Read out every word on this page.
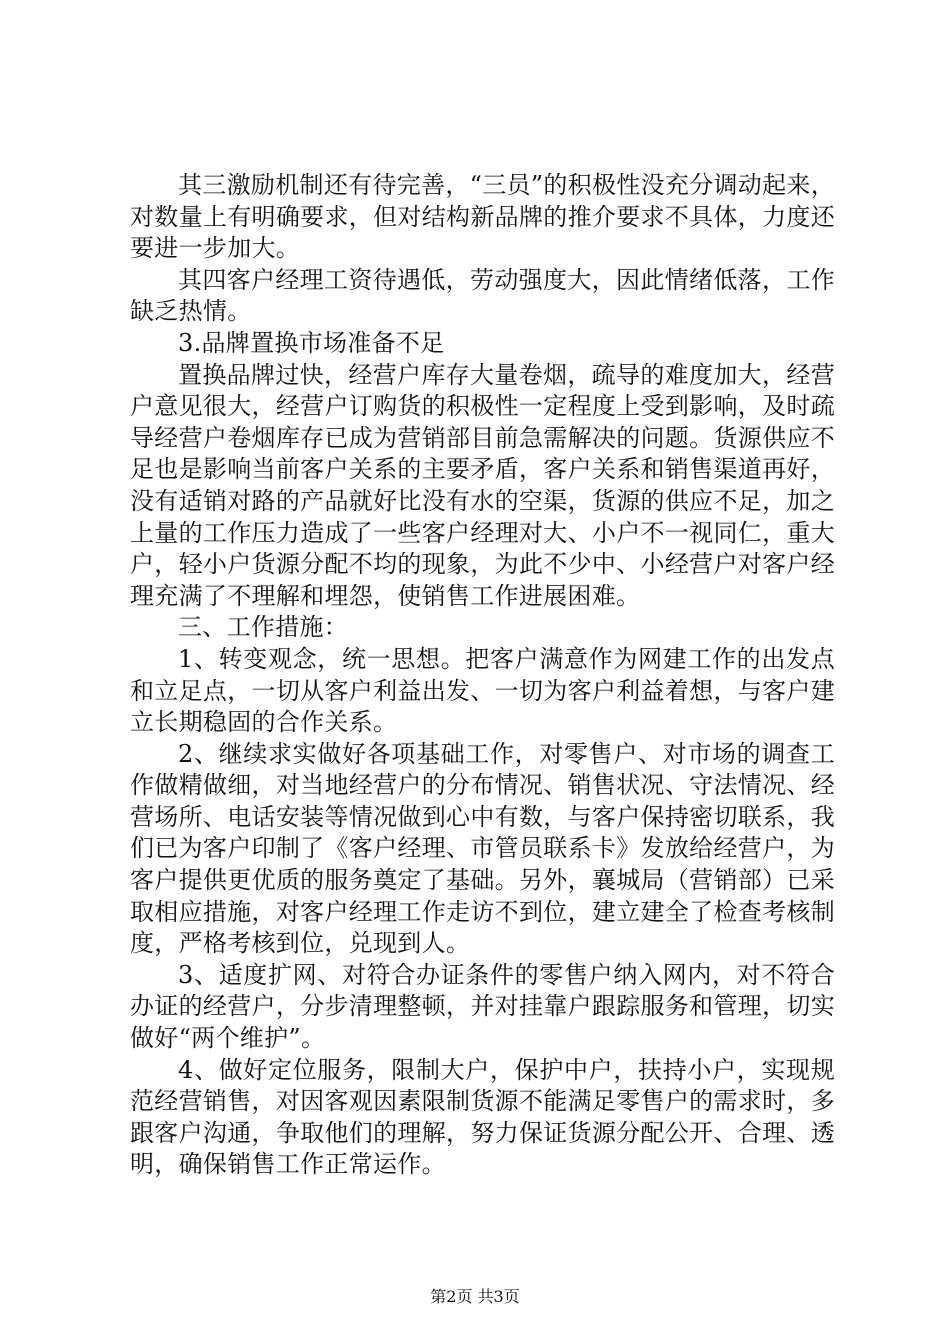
其三激励机制还有待完善，“三员”的积极性没充分调动起来，对数量上有明确要求，但对结构新品牌的推介要求不具体，力度还要进一步加大。

其四客户经理工资待遇低，劳动强度大，因此情绪低落，工作缺乏热情。

3.品牌置换市场准备不足

置换品牌过快，经营户库存大量卷烟，疏导的难度加大，经营户意见很大，经营户订购货的积极性一定程度上受到影响，及时疏导经营户卷烟库存已成为营销部目前急需解决的问题。货源供应不足也是影响当前客户关系的主要矛盾，客户关系和销售渠道再好，没有适销对路的产品就好比没有水的空渠，货源的供应不足，加之上量的工作压力造成了一些客户经理对大、小户不一视同仁，重大户，轻小户货源分配不均的现象，为此不少中、小经营户对客户经理充满了不理解和埋怨，使销售工作进展困难。

三、工作措施：

1、转变观念，统一思想。把客户满意作为网建工作的出发点和立足点，一切从客户利益出发、一切为客户利益着想，与客户建立长期稳固的合作关系。

2、继续求实做好各项基础工作，对零售户、对市场的调查工作做精做细，对当地经营户的分布情况、销售状况、守法情况、经营场所、电话安装等情况做到心中有数，与客户保持密切联系，我们已为客户印制了《客户经理、市管员联系卡》发放给经营户，为客户提供更优质的服务奠定了基础。另外，襄城局（营销部）已采取相应措施，对客户经理工作走访不到位，建立建全了检查考核制度，严格考核到位，兑现到人。

3、适度扩网、对符合办证条件的零售户纳入网内，对不符合办证的经营户，分步清理整顿，并对挂靠户跟踪服务和管理，切实做好“两个维护”。

4、做好定位服务，限制大户，保护中户，扶持小户，实现规范经营销售，对因客观因素限制货源不能满足零售户的需求时，多跟客户沟通，争取他们的理解，努力保证货源分配公开、合理、透明，确保销售工作正常运作。

第2页 共3页
